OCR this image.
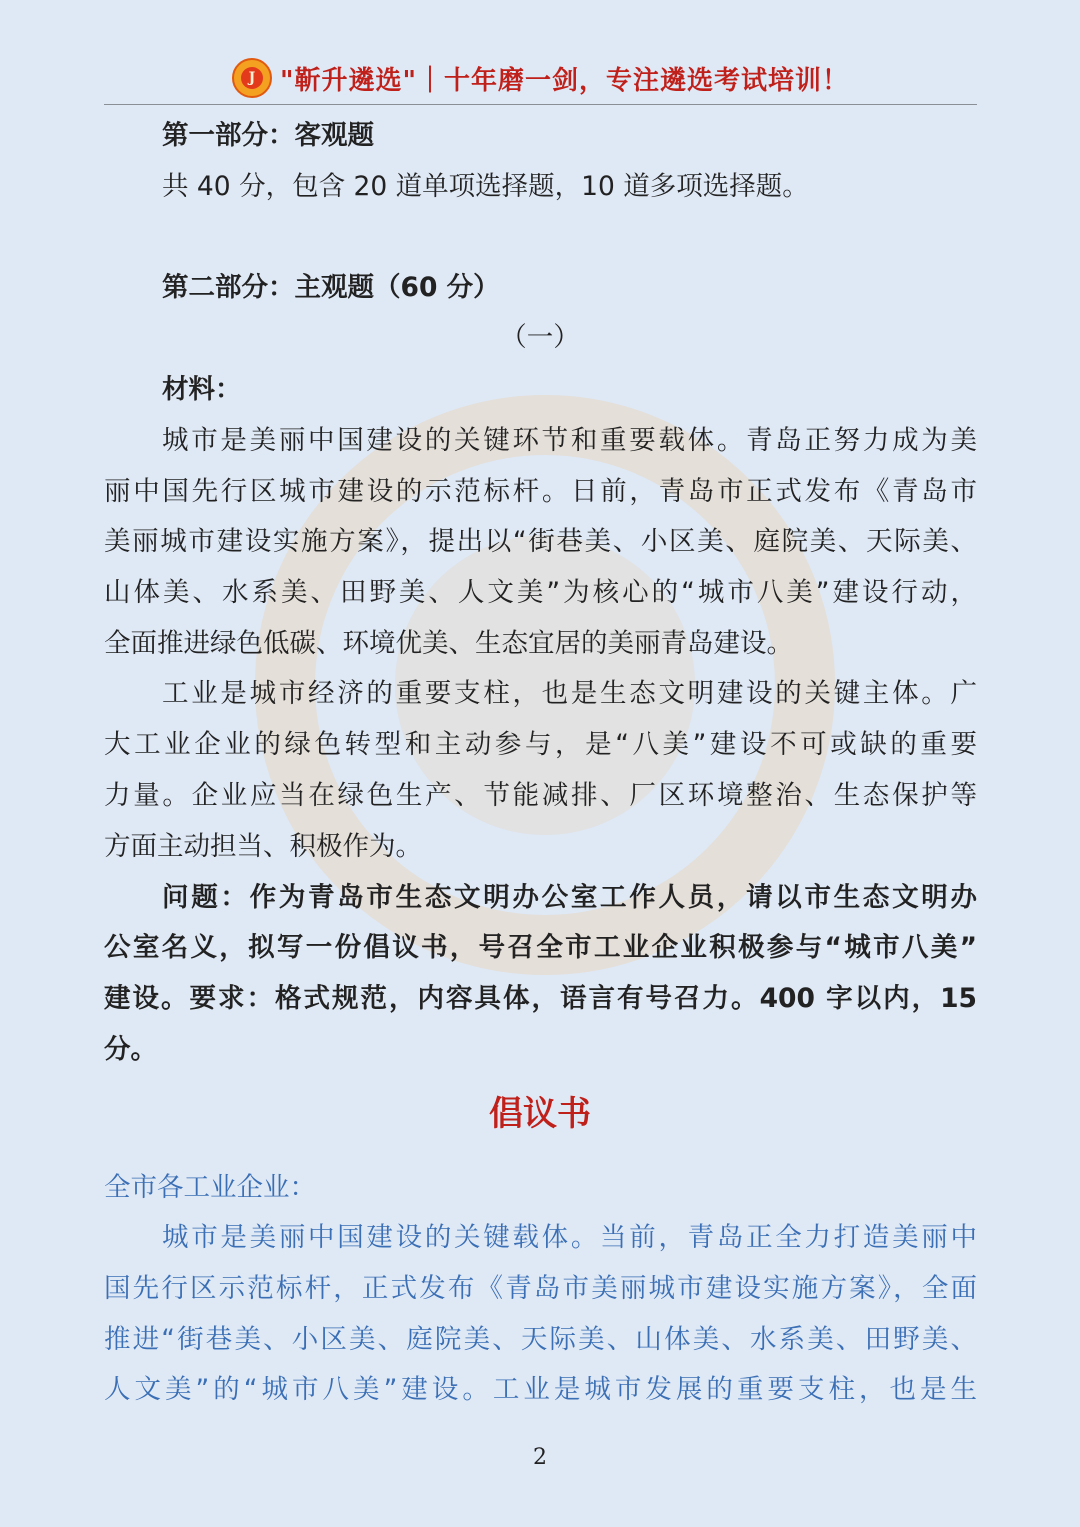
J "靳升遴选"｜十年磨一剑，专注遴选考试培训！

第一部分：客观题

共 40 分，包含 20 道单项选择题，10 道多项选择题。

第二部分：主观题（60 分）

（一）

材料：

城市是美丽中国建设的关键环节和重要载体。青岛正努力成为美

丽中国先行区城市建设的示范标杆。日前，青岛市正式发布《青岛市

美丽城市建设实施方案》，提出以“街巷美、小区美、庭院美、天际美、

山体美、水系美、田野美、人文美”为核心的“城市八美”建设行动，

全面推进绿色低碳、环境优美、生态宜居的美丽青岛建设。

工业是城市经济的重要支柱，也是生态文明建设的关键主体。广

大工业企业的绿色转型和主动参与，是“八美”建设不可或缺的重要

力量。企业应当在绿色生产、节能减排、厂区环境整治、生态保护等

方面主动担当、积极作为。

问题：作为青岛市生态文明办公室工作人员，请以市生态文明办

公室名义，拟写一份倡议书，号召全市工业企业积极参与“城市八美”

建设。要求：格式规范，内容具体，语言有号召力。400 字以内，15

分。

倡议书

全市各工业企业：

城市是美丽中国建设的关键载体。当前，青岛正全力打造美丽中

国先行区示范标杆，正式发布《青岛市美丽城市建设实施方案》，全面

推进“街巷美、小区美、庭院美、天际美、山体美、水系美、田野美、

人文美”的“城市八美”建设。工业是城市发展的重要支柱，也是生

2
